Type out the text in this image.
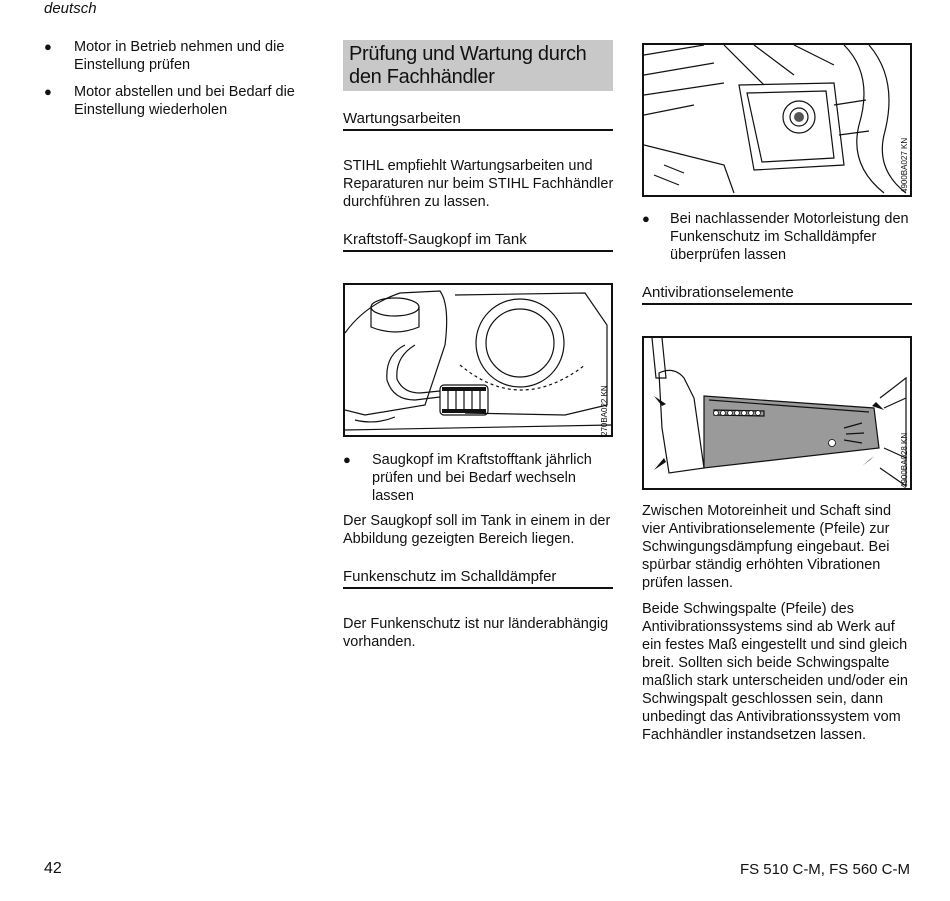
deutsch
● Motor in Betrieb nehmen und die Einstellung prüfen
● Motor abstellen und bei Bedarf die Einstellung wiederholen
Prüfung und Wartung durch den Fachhändler
Wartungsarbeiten
STIHL empfiehlt Wartungsarbeiten und Reparaturen nur beim STIHL Fachhändler durchführen zu lassen.
Kraftstoff-Saugkopf im Tank
270BA022 KN
● Saugkopf im Kraftstofftank jährlich prüfen und bei Bedarf wechseln lassen
Der Saugkopf soll im Tank in einem in der Abbildung gezeigten Bereich liegen.
Funkenschutz im Schalldämpfer
Der Funkenschutz ist nur länderabhängig vorhanden.
4900BA027 KN
● Bei nachlassender Motorleistung den Funkenschutz im Schalldämpfer überprüfen lassen
Antivibrationselemente
4900BA028 KN
Zwischen Motoreinheit und Schaft sind vier Antivibrationselemente (Pfeile) zur Schwingungsdämpfung eingebaut. Bei spürbar ständig erhöhten Vibrationen prüfen lassen.
Beide Schwingspalte (Pfeile) des Antivibrationssystems sind ab Werk auf ein festes Maß eingestellt und sind gleich breit. Sollten sich beide Schwingspalte maßlich stark unterscheiden und/oder ein Schwingspalt geschlossen sein, dann unbedingt das Antivibrationssystem vom Fachhändler instandsetzen lassen.
42	FS 510 C-M, FS 560 C-M
